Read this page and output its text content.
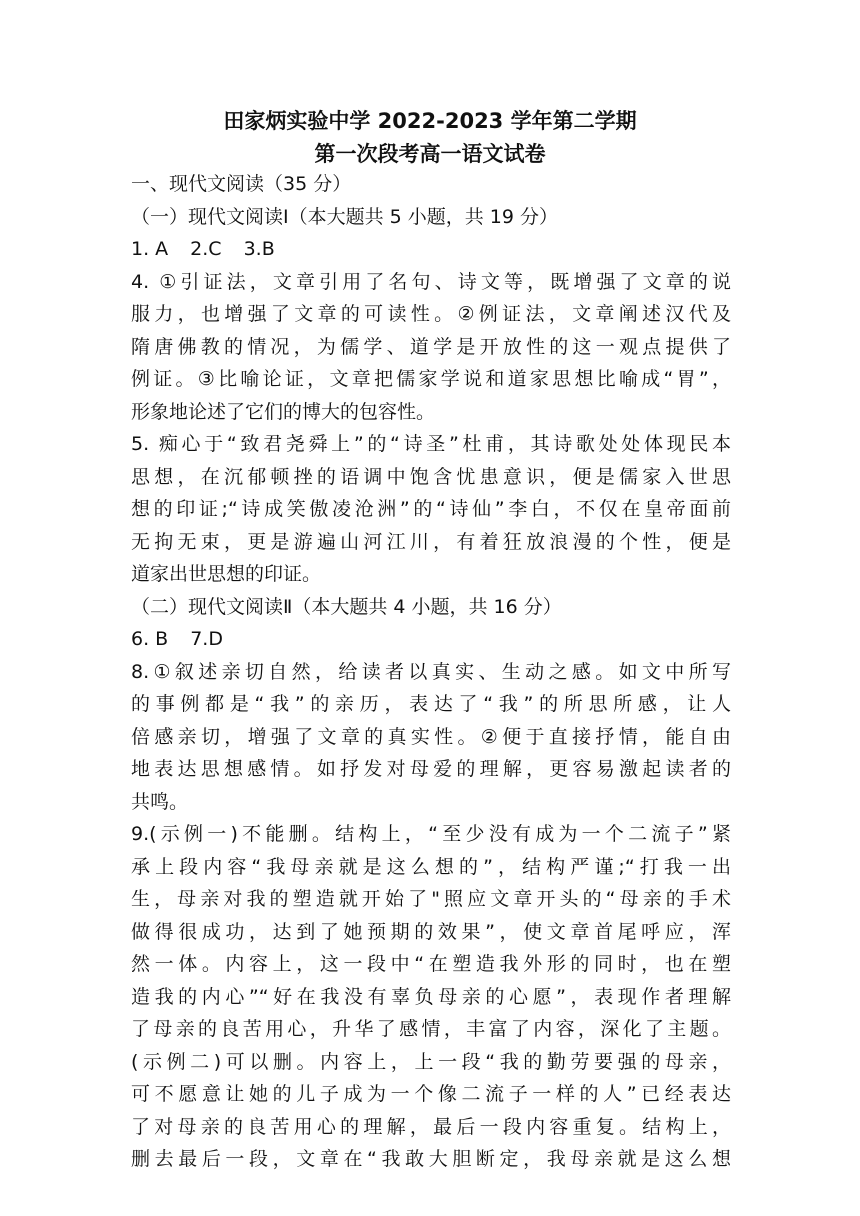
田家炳实验中学 2022-2023 学年第二学期
第一次段考高一语文试卷
一、现代文阅读（35 分）
（一）现代文阅读Ⅰ（本大题共 5 小题，共 19 分）
1. A 2.C 3.B
4. ①引证法，文章引用了名句、诗文等，既增强了文章的说
服力，也增强了文章的可读性。②例证法，文章阐述汉代及
隋唐佛教的情况，为儒学、道学是开放性的这一观点提供了
例证。③比喻论证，文章把儒家学说和道家思想比喻成“胃”，
形象地论述了它们的博大的包容性。
5. 痴心于“致君尧舜上”的“诗圣”杜甫，其诗歌处处体现民本
思想，在沉郁顿挫的语调中饱含忧患意识，便是儒家入世思
想的印证;“诗成笑傲凌沧洲”的“诗仙”李白，不仅在皇帝面前
无拘无束，更是游遍山河江川，有着狂放浪漫的个性，便是
道家出世思想的印证。
（二）现代文阅读Ⅱ（本大题共 4 小题，共 16 分）
6. B 7.D
8.①叙述亲切自然，给读者以真实、生动之感。如文中所写
的事例都是“我”的亲历，表达了“我”的所思所感，让人
倍感亲切，增强了文章的真实性。②便于直接抒情，能自由
地表达思想感情。如抒发对母爱的理解，更容易激起读者的
共鸣。
9.(示例一)不能删。结构上，“至少没有成为一个二流子”紧
承上段内容“我母亲就是这么想的”，结构严谨;“打我一出
生，母亲对我的塑造就开始了"照应文章开头的“母亲的手术
做得很成功，达到了她预期的效果”，使文章首尾呼应，浑
然一体。内容上，这一段中“在塑造我外形的同时，也在塑
造我的内心”“好在我没有辜负母亲的心愿”，表现作者理解
了母亲的良苦用心，升华了感情，丰富了内容，深化了主题。
(示例二)可以删。内容上，上一段“我的勤劳要强的母亲，
可不愿意让她的儿子成为一个像二流子一样的人”已经表达
了对母亲的良苦用心的理解，最后一段内容重复。结构上，
删去最后一段，文章在“我敢大胆断定，我母亲就是这么想
